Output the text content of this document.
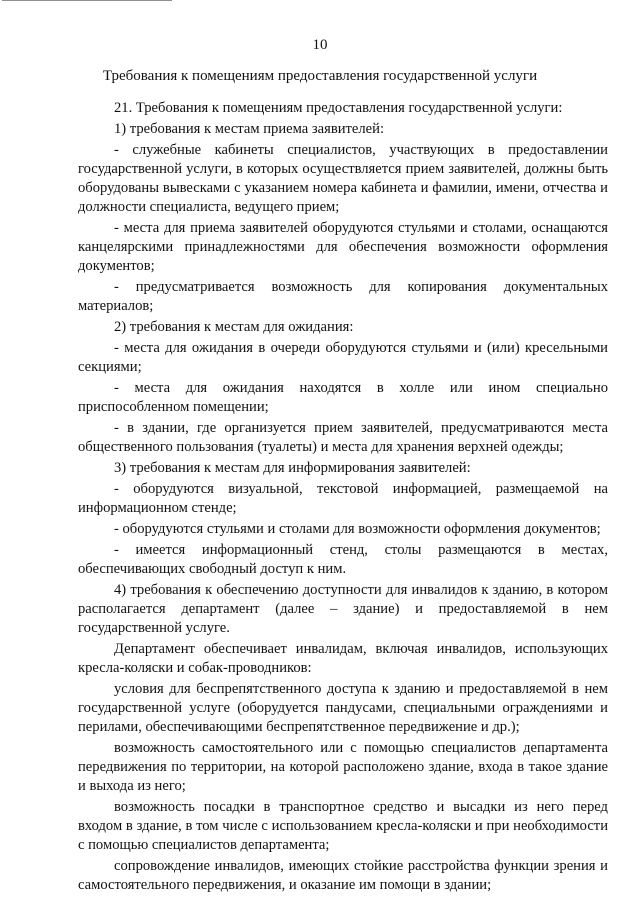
10
Требования к помещениям предоставления государственной услуги

21. Требования к помещениям предоставления государственной услуги:

1) требования к местам приема заявителей:

- служебные кабинеты специалистов, участвующих в предоставлении государственной услуги, в которых осуществляется прием заявителей, должны быть оборудованы вывесками с указанием номера кабинета и фамилии, имени, отчества и должности специалиста, ведущего прием;

- места для приема заявителей оборудуются стульями и столами, оснащаются канцелярскими принадлежностями для обеспечения возможности оформления документов;

- предусматривается возможность для копирования документальных материалов;

2) требования к местам для ожидания:

- места для ожидания в очереди оборудуются стульями и (или) кресельными секциями;

- места для ожидания находятся в холле или ином специально приспособленном помещении;

- в здании, где организуется прием заявителей, предусматриваются места общественного пользования (туалеты) и места для хранения верхней одежды;

3) требования к местам для информирования заявителей:

- оборудуются визуальной, текстовой информацией, размещаемой на информационном стенде;

- оборудуются стульями и столами для возможности оформления документов;

- имеется информационный стенд, столы размещаются в местах, обеспечивающих свободный доступ к ним.

4) требования к обеспечению доступности для инвалидов к зданию, в котором располагается департамент (далее – здание) и предоставляемой в нем государственной услуге.

Департамент обеспечивает инвалидам, включая инвалидов, использующих кресла-коляски и собак-проводников:

условия для беспрепятственного доступа к зданию и предоставляемой в нем государственной услуге (оборудуется пандусами, специальными ограждениями и перилами, обеспечивающими беспрепятственное передвижение и др.);

возможность самостоятельного или с помощью специалистов департамента передвижения по территории, на которой расположено здание, входа в такое здание и выхода из него;

возможность посадки в транспортное средство и высадки из него перед входом в здание, в том числе с использованием кресла-коляски и при необходимости с помощью специалистов департамента;

сопровождение инвалидов, имеющих стойкие расстройства функции зрения и самостоятельного передвижения, и оказание им помощи в здании;
